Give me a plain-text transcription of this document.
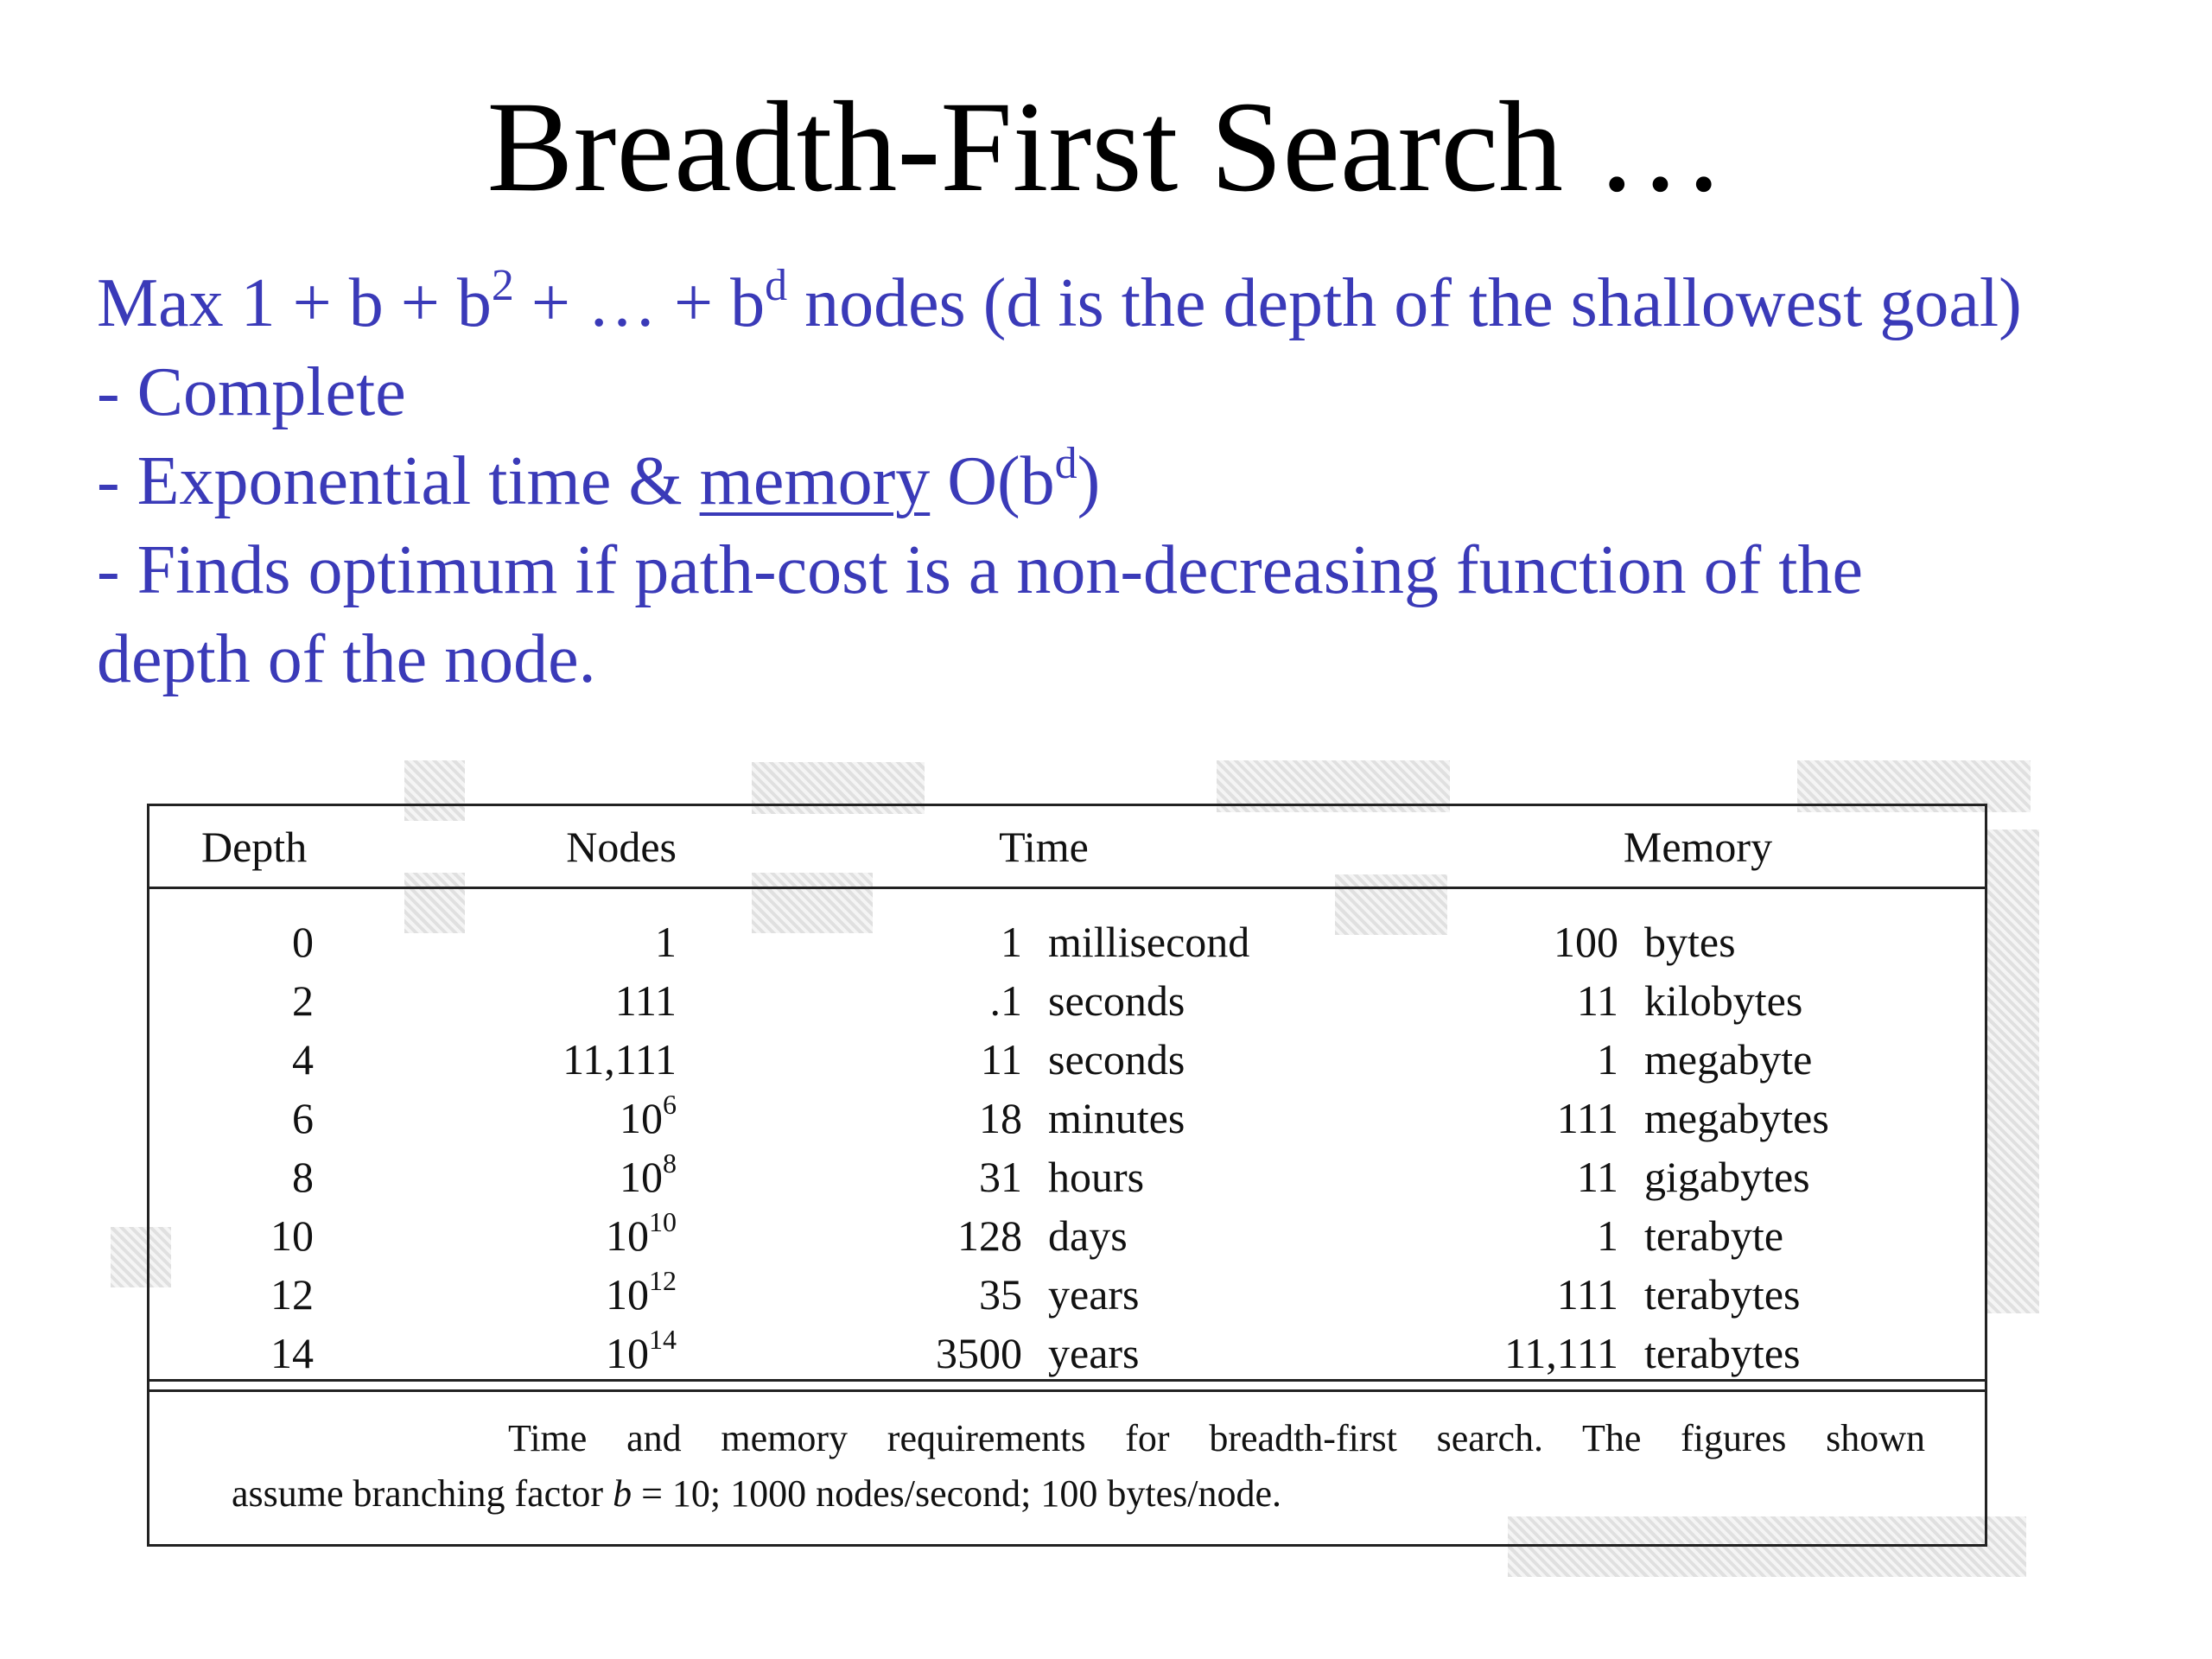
Breadth-First Search …

Max $1 + b + b^2$ + … + $b^d$ nodes (d is the depth of the shallowest goal)

- Complete

- Exponential time & memory $O(b^d)$

- Finds optimum if path-cost is a non-decreasing function of the

depth of the node.

Depth	Nodes	Time		Memory	
0	1	1	millisecond	100	bytes
2	111	.1	seconds	11	kilobytes
4	11,111	11	seconds	1	megabyte
6	$10^6$	18	minutes	111	megabytes
8	$10^8$	31	hours	11	gigabytes
10	$10^{10}$	128	days	1	terabyte
12	$10^{12}$	35	years	111	terabytes
14	$10^{14}$	3500	years	11,111	terabytes

Time and memory requirements for breadth-first search. The figures shown

assume branching factor b = 10; 1000 nodes/second; 100 bytes/node.
